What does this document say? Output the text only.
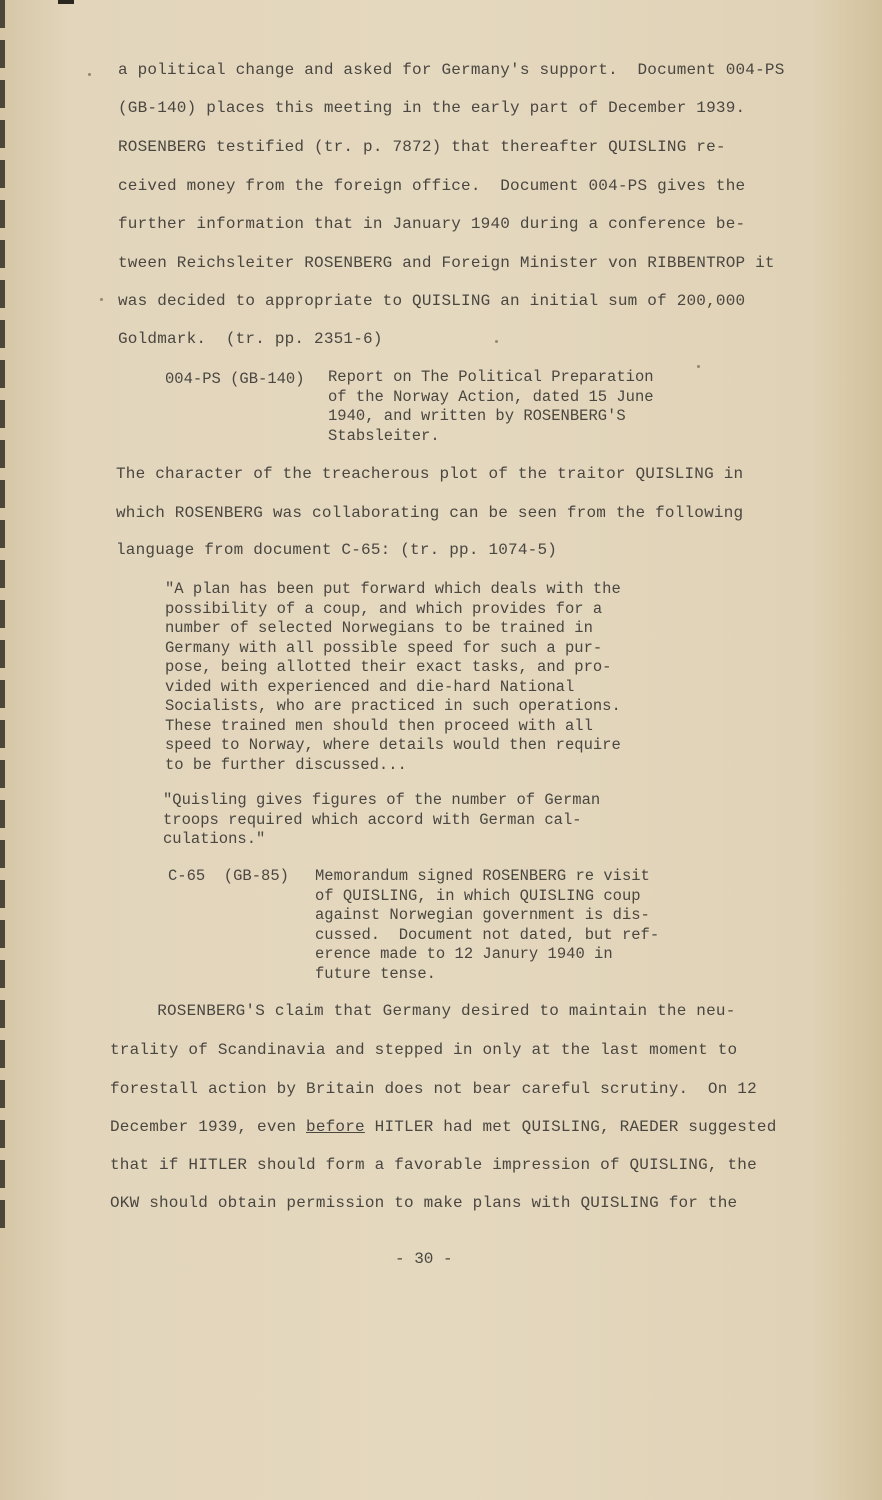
a political change and asked for Germany's support.  Document 004-PS
(GB-140) places this meeting in the early part of December 1939.
ROSENBERG testified (tr. p. 7872) that thereafter QUISLING re-
ceived money from the foreign office.  Document 004-PS gives the
further information that in January 1940 during a conference be-
tween Reichsleiter ROSENBERG and Foreign Minister von RIBBENTROP it
was decided to appropriate to QUISLING an initial sum of 200,000
Goldmark.  (tr. pp. 2351-6)
004-PS (GB-140) Report on The Political Preparation
of the Norway Action, dated 15 June
1940, and written by ROSENBERG'S
Stabsleiter.
The character of the treacherous plot of the traitor QUISLING in
which ROSENBERG was collaborating can be seen from the following
language from document C-65: (tr. pp. 1074-5)
"A plan has been put forward which deals with the
possibility of a coup, and which provides for a
number of selected Norwegians to be trained in
Germany with all possible speed for such a pur-
pose, being allotted their exact tasks, and pro-
vided with experienced and die-hard National
Socialists, who are practiced in such operations.
These trained men should then proceed with all
speed to Norway, where details would then require
to be further discussed...
"Quisling gives figures of the number of German
troops required which accord with German cal-
culations."
C-65  (GB-85) Memorandum signed ROSENBERG re visit
of QUISLING, in which QUISLING coup
against Norwegian government is dis-
cussed.  Document not dated, but ref-
erence made to 12 Janury 1940 in
future tense.
ROSENBERG'S claim that Germany desired to maintain the neu-
trality of Scandinavia and stepped in only at the last moment to
forestall action by Britain does not bear careful scrutiny.  On 12
December 1939, even before HITLER had met QUISLING, RAEDER suggested
that if HITLER should form a favorable impression of QUISLING, the
OKW should obtain permission to make plans with QUISLING for the
- 30 -
